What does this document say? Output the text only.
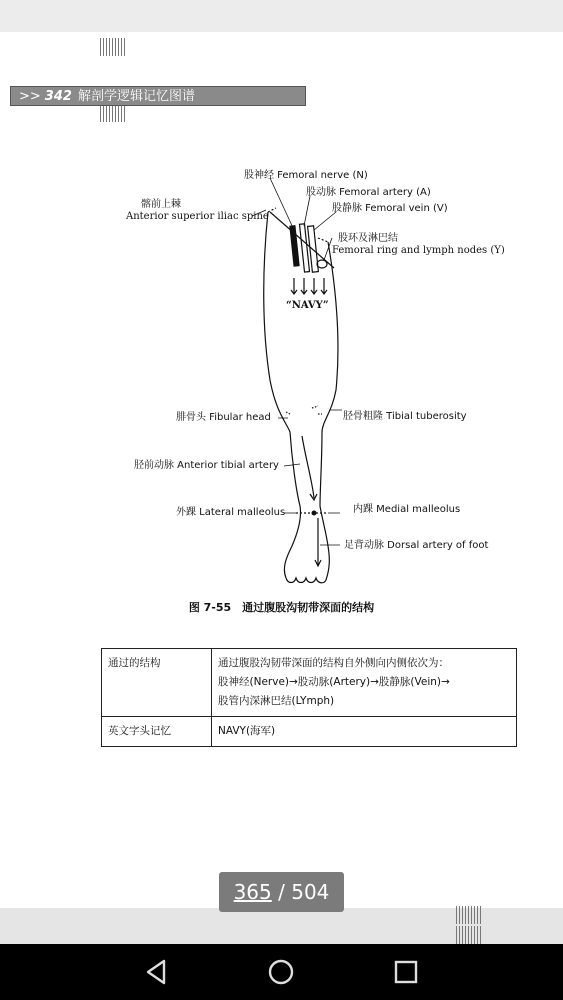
>> 342 解剖学逻辑记忆图谱
股神经 Femoral nerve (N)
股动脉 Femoral artery (A)
股静脉 Femoral vein (V)
髂前上棘
Anterior superior iliac spine
股环及淋巴结
Femoral ring and lymph nodes (Y)
“NAVY”
腓骨头 Fibular head	胫骨粗隆 Tibial tuberosity
胫前动脉 Anterior tibial artery
外踝 Lateral malleolus	内踝 Medial malleolus
足背动脉 Dorsal artery of foot
图 7-55　通过腹股沟韧带深面的结构
通过的结构	通过腹股沟韧带深面的结构自外侧向内侧依次为：
股神经(Nerve)→股动脉(Artery)→股静脉(Vein)→
股管内深淋巴结(LYmph)

英文字头记忆	NAVY(海军)
365 / 504
